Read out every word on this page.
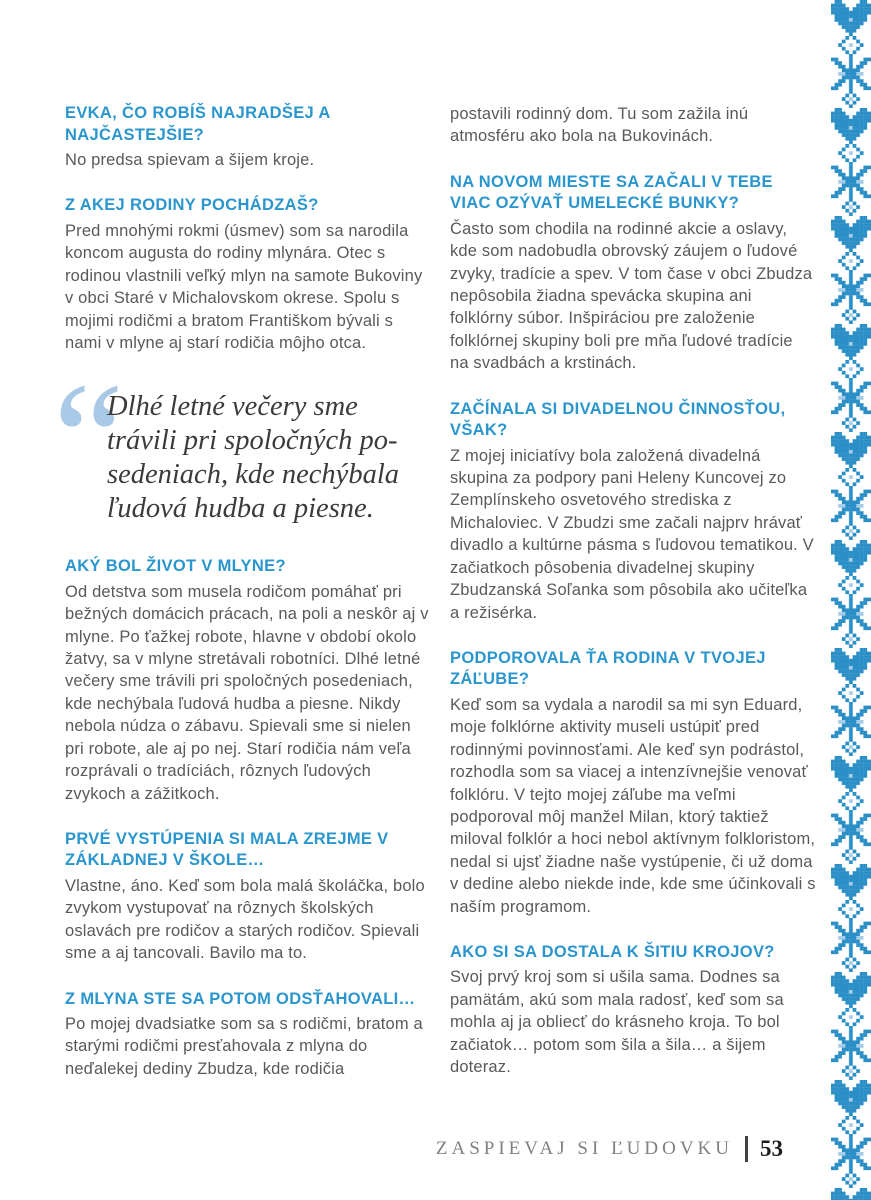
EVKA, ČO ROBÍŠ NAJRADŠEJ A NAJČASTEJŠIE?

No predsa spievam a šijem kroje.

Z AKEJ RODINY POCHÁDZAŠ?

Pred mnohými rokmi (úsmev) som sa narodila koncom augusta do rodiny mlynára. Otec s rodinou vlastnili veľký mlyn na samote Bukoviny v obci Staré v Michalovskom okrese. Spolu s mojimi rodičmi a bratom Františkom bývali s nami v mlyne aj starí rodičia môjho otca.

“
Dlhé letné večery sme
trávili pri spoločných po-
sedeniach, kde nechýbala
ľudová hudba a piesne.
AKÝ BOL ŽIVOT V MLYNE?

Od detstva som musela rodičom pomáhať pri bežných domácich prácach, na poli a neskôr aj v mlyne. Po ťažkej robote, hlavne v období okolo žatvy, sa v mlyne stretávali robotníci. Dlhé letné večery sme trávili pri spoločných posedeniach, kde nechýbala ľudová hudba a piesne. Nikdy nebola núdza o zábavu. Spievali sme si nielen pri robote, ale aj po nej. Starí rodičia nám veľa rozprávali o tradíciách, rôznych ľudových zvykoch a zážitkoch.

PRVÉ VYSTÚPENIA SI MALA ZREJME V ZÁKLADNEJ V ŠKOLE…

Vlastne, áno. Keď som bola malá školáčka, bolo zvykom vystupovať na rôznych školských oslavách pre rodičov a starých rodičov. Spievali sme a aj tancovali. Bavilo ma to.

Z MLYNA STE SA POTOM ODSŤAHOVALI…

Po mojej dvadsiatke som sa s rodičmi, bratom a starými rodičmi presťahovala z mlyna do neďalekej dediny Zbudza, kde rodičia

postavili rodinný dom. Tu som zažila inú atmosféru ako bola na Bukovinách.

NA NOVOM MIESTE SA ZAČALI V TEBE VIAC OZÝVAŤ UMELECKÉ BUNKY?

Často som chodila na rodinné akcie a oslavy, kde som nadobudla obrovský záujem o ľudové zvyky, tradície a spev. V tom čase v obci Zbudza nepôsobila žiadna spevácka skupina ani folklórny súbor. Inšpiráciou pre založenie folklórnej skupiny boli pre mňa ľudové tradície na svadbách a krstinách.

ZAČÍNALA SI DIVADELNOU ČINNOSŤOU, VŠAK?

Z mojej iniciatívy bola založená divadelná skupina za podpory pani Heleny Kuncovej zo Zemplínskeho osvetového strediska z Michaloviec. V Zbudzi sme začali najprv hrávať divadlo a kultúrne pásma s ľudovou tematikou. V začiatkoch pôsobenia divadelnej skupiny Zbudzanská Soľanka som pôsobila ako učiteľka a režisérka.

PODPOROVALA ŤA RODINA V TVOJEJ ZÁĽUBE?

Keď som sa vydala a narodil sa mi syn Eduard, moje folklórne aktivity museli ustúpiť pred rodinnými povinnosťami. Ale keď syn podrástol, rozhodla som sa viacej a intenzívnejšie venovať folklóru. V tejto mojej záľube ma veľmi podporoval môj manžel Milan, ktorý taktiež miloval folklór a hoci nebol aktívnym folkloristom, nedal si ujsť žiadne naše vystúpenie, či už doma v dedine alebo niekde inde, kde sme účinkovali s naším programom.

AKO SI SA DOSTALA K ŠITIU KROJOV?

Svoj prvý kroj som si ušila sama. Dodnes sa pamätám, akú som mala radosť, keď som sa mohla aj ja obliecť do krásneho kroja. To bol začiatok… potom som šila a šila… a šijem doteraz.

ZASPIEVAJ SI ĽUDOVKU 53
